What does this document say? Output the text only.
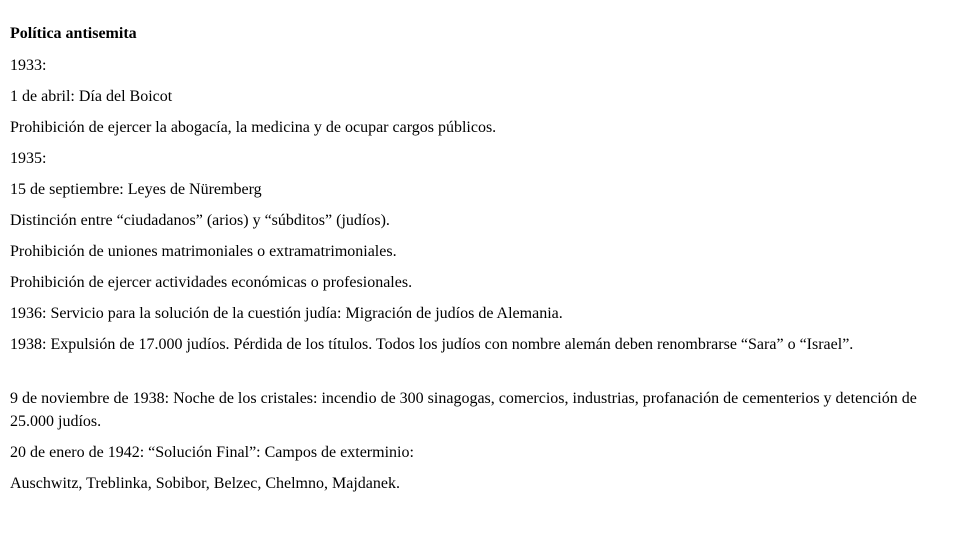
Política antisemita
1933:
1 de abril: Día del Boicot
Prohibición de ejercer la abogacía, la medicina y de ocupar cargos públicos.
1935:
15 de septiembre: Leyes de Nüremberg
Distinción entre “ciudadanos” (arios) y “súbditos” (judíos).
Prohibición de uniones matrimoniales o extramatrimoniales.
Prohibición de ejercer actividades económicas o profesionales.
1936: Servicio para la solución de la cuestión judía: Migración de judíos de Alemania.
1938: Expulsión de 17.000 judíos. Pérdida de los títulos. Todos los judíos con nombre alemán deben renombrarse “Sara” o “Israel”.
9 de noviembre de 1938: Noche de los cristales: incendio de 300 sinagogas, comercios, industrias, profanación de cementerios y detención de 25.000 judíos.
20 de enero de 1942: “Solución Final”: Campos de exterminio:
Auschwitz, Treblinka, Sobibor, Belzec, Chelmno, Majdanek.
